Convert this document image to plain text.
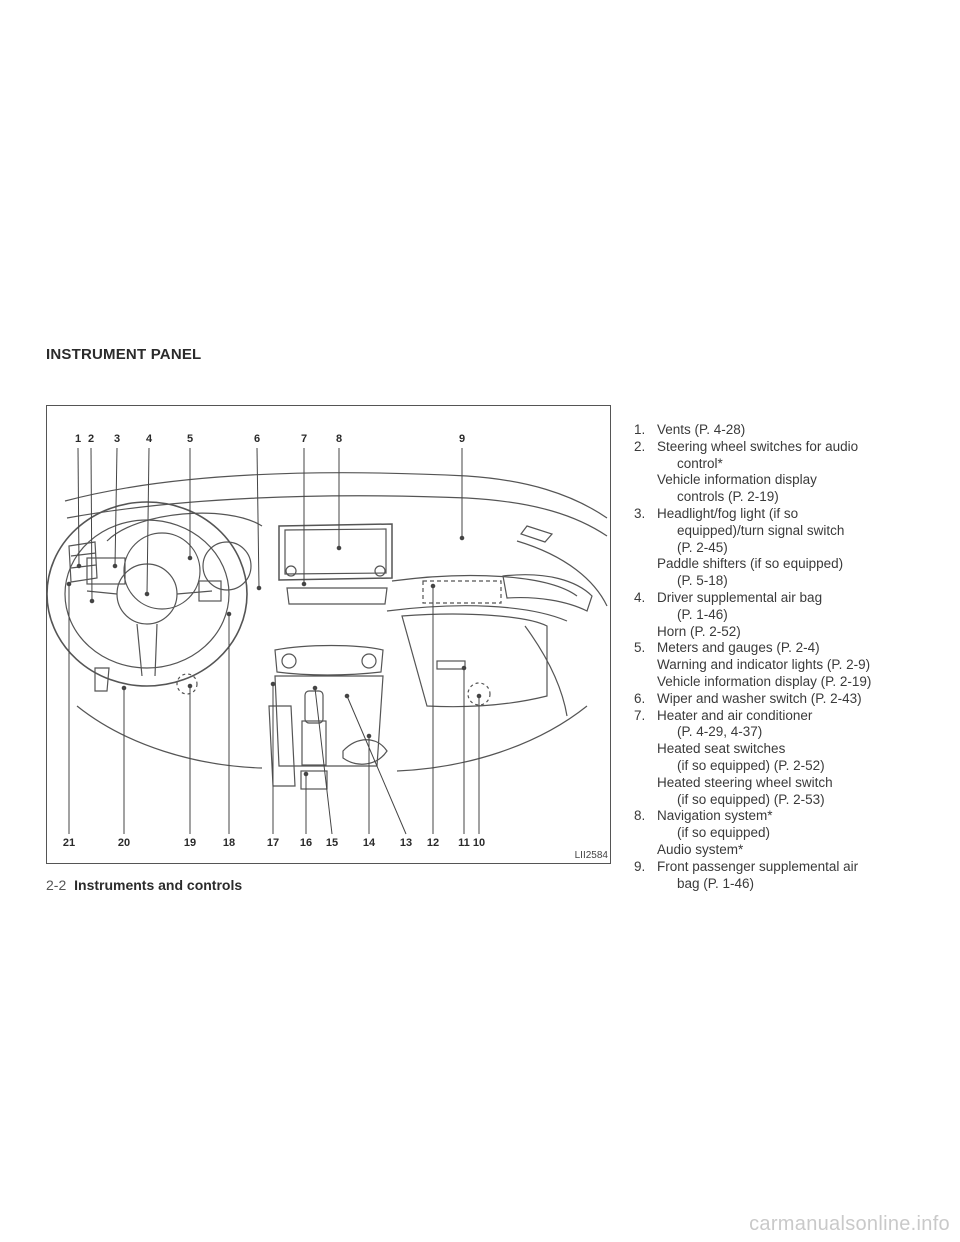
INSTRUMENT PANEL
1 2 3 4	5	6	7	8	9
21	20	19 18	17 16 15 14 13 12 11 10
LII2584
1. Vents (P. 4-28)
2. Steering wheel switches for audio
control*
Vehicle information display
controls (P. 2-19)
3. Headlight/fog light (if so
equipped)/turn signal switch
(P. 2-45)
Paddle shifters (if so equipped)
(P. 5-18)
4. Driver supplemental air bag
(P. 1-46)
Horn (P. 2-52)
5. Meters and gauges (P. 2-4)
Warning and indicator lights (P. 2-9)
Vehicle information display (P. 2-19)
6. Wiper and washer switch (P. 2-43)
7. Heater and air conditioner
(P. 4-29, 4-37)
Heated seat switches
(if so equipped) (P. 2-52)
Heated steering wheel switch
(if so equipped) (P. 2-53)
8. Navigation system*
(if so equipped)
Audio system*
9. Front passenger supplemental air
bag (P. 1-46)
2-2 Instruments and controls
carmanualsonline.info
